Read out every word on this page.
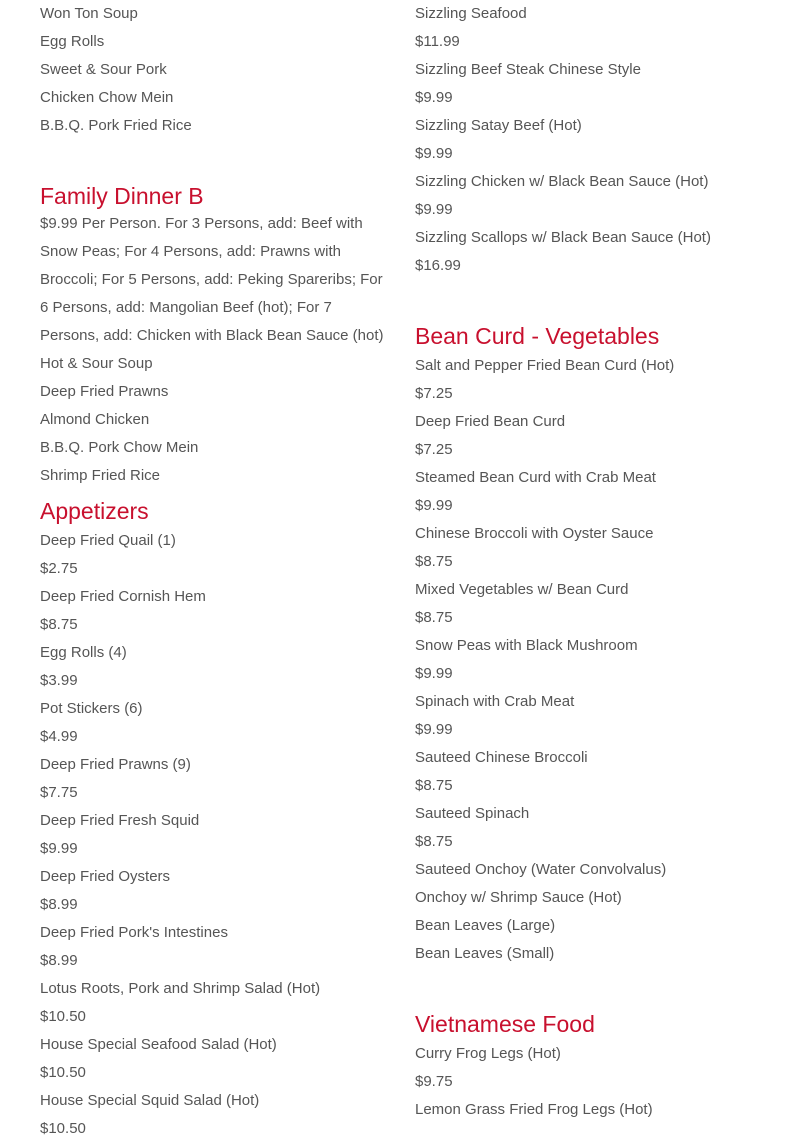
Won Ton Soup
Egg Rolls
Sweet & Sour Pork
Chicken Chow Mein
B.B.Q. Pork Fried Rice
Family Dinner B
$9.99 Per Person. For 3 Persons, add: Beef with Snow Peas; For 4 Persons, add: Prawns with Broccoli; For 5 Persons, add: Peking Spareribs; For 6 Persons, add: Mangolian Beef (hot); For 7 Persons, add: Chicken with Black Bean Sauce (hot)
Hot & Sour Soup
Deep Fried Prawns
Almond Chicken
B.B.Q. Pork Chow Mein
Shrimp Fried Rice
Appetizers
Deep Fried Quail (1)
$2.75
Deep Fried Cornish Hem
$8.75
Egg Rolls (4)
$3.99
Pot Stickers (6)
$4.99
Deep Fried Prawns (9)
$7.75
Deep Fried Fresh Squid
$9.99
Deep Fried Oysters
$8.99
Deep Fried Pork's Intestines
$8.99
Lotus Roots, Pork and Shrimp Salad (Hot)
$10.50
House Special Seafood Salad (Hot)
$10.50
House Special Squid Salad (Hot)
$10.50
Sizzling Seafood
$11.99
Sizzling Beef Steak Chinese Style
$9.99
Sizzling Satay Beef (Hot)
$9.99
Sizzling Chicken w/ Black Bean Sauce (Hot)
$9.99
Sizzling Scallops w/ Black Bean Sauce (Hot)
$16.99
Bean Curd - Vegetables
Salt and Pepper Fried Bean Curd (Hot)
$7.25
Deep Fried Bean Curd
$7.25
Steamed Bean Curd with Crab Meat
$9.99
Chinese Broccoli with Oyster Sauce
$8.75
Mixed Vegetables w/ Bean Curd
$8.75
Snow Peas with Black Mushroom
$9.99
Spinach with Crab Meat
$9.99
Sauteed Chinese Broccoli
$8.75
Sauteed Spinach
$8.75
Sauteed Onchoy (Water Convolvalus)
Onchoy w/ Shrimp Sauce (Hot)
Bean Leaves (Large)
Bean Leaves (Small)
Vietnamese Food
Curry Frog Legs (Hot)
$9.75
Lemon Grass Fried Frog Legs (Hot)
